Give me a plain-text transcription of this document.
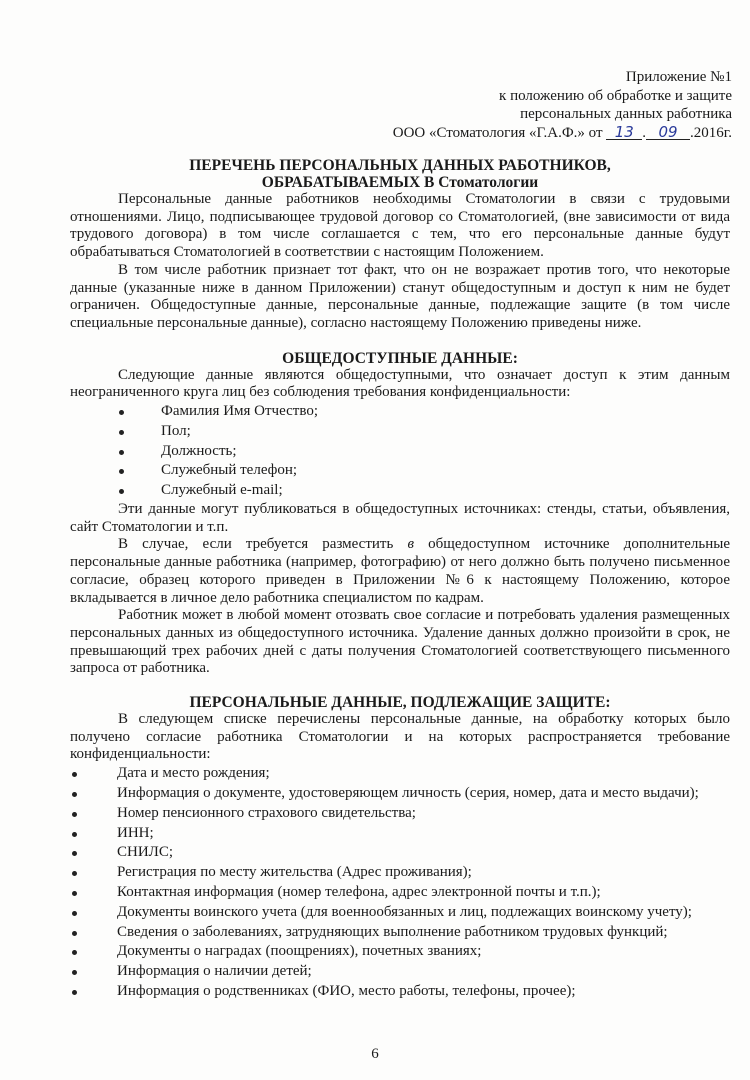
Приложение №1
к положению об обработке и защите
персональных данных работника
ООО «Стоматология «Г.А.Ф.» от 13 . 09 .2016г.
ПЕРЕЧЕНЬ ПЕРСОНАЛЬНЫХ ДАННЫХ РАБОТНИКОВ,
ОБРАБАТЫВАЕМЫХ В Стоматологии

Персональные данные работников необходимы Стоматологии в связи с трудовыми отношениями. Лицо, подписывающее трудовой договор со Стоматологией, (вне зависимости от вида трудового договора) в том числе соглашается с тем, что его персональные данные будут обрабатываться Стоматологией в соответствии с настоящим Положением.

В том числе работник признает тот факт, что он не возражает против того, что некоторые данные (указанные ниже в данном Приложении) станут общедоступным и доступ к ним не будет ограничен. Общедоступные данные, персональные данные, подлежащие защите (в том числе специальные персональные данные), согласно настоящему Положению приведены ниже.

ОБЩЕДОСТУПНЫЕ ДАННЫЕ:

Следующие данные являются общедоступными, что означает доступ к этим данным неограниченного круга лиц без соблюдения требования конфиденциальности:

Фамилия Имя Отчество;
Пол;
Должность;
Служебный телефон;
Служебный e-mail;

Эти данные могут публиковаться в общедоступных источниках: стенды, статьи, объявления, сайт Стоматологии и т.п.

В случае, если требуется разместить в общедоступном источнике дополнительные персональные данные работника (например, фотографию) от него должно быть получено письменное согласие, образец которого приведен в Приложении №6 к настоящему Положению, которое вкладывается в личное дело работника специалистом по кадрам.

Работник может в любой момент отозвать свое согласие и потребовать удаления размещенных персональных данных из общедоступного источника. Удаление данных должно произойти в срок, не превышающий трех рабочих дней с даты получения Стоматологией соответствующего письменного запроса от работника.

ПЕРСОНАЛЬНЫЕ ДАННЫЕ, ПОДЛЕЖАЩИЕ ЗАЩИТЕ:

В следующем списке перечислены персональные данные, на обработку которых было получено согласие работника Стоматологии и на которых распространяется требование конфиденциальности:

Дата и место рождения;
Информация о документе, удостоверяющем личность (серия, номер, дата и место выдачи);
Номер пенсионного страхового свидетельства;
ИНН;
СНИЛС;
Регистрация по месту жительства (Адрес проживания);
Контактная информация (номер телефона, адрес электронной почты и т.п.);
Документы воинского учета (для военнообязанных и лиц, подлежащих воинскому учету);
Сведения о заболеваниях, затрудняющих выполнение работником трудовых функций;
Документы о наградах (поощрениях), почетных званиях;
Информация о наличии детей;
Информация о родственниках (ФИО, место работы, телефоны, прочее);
6
